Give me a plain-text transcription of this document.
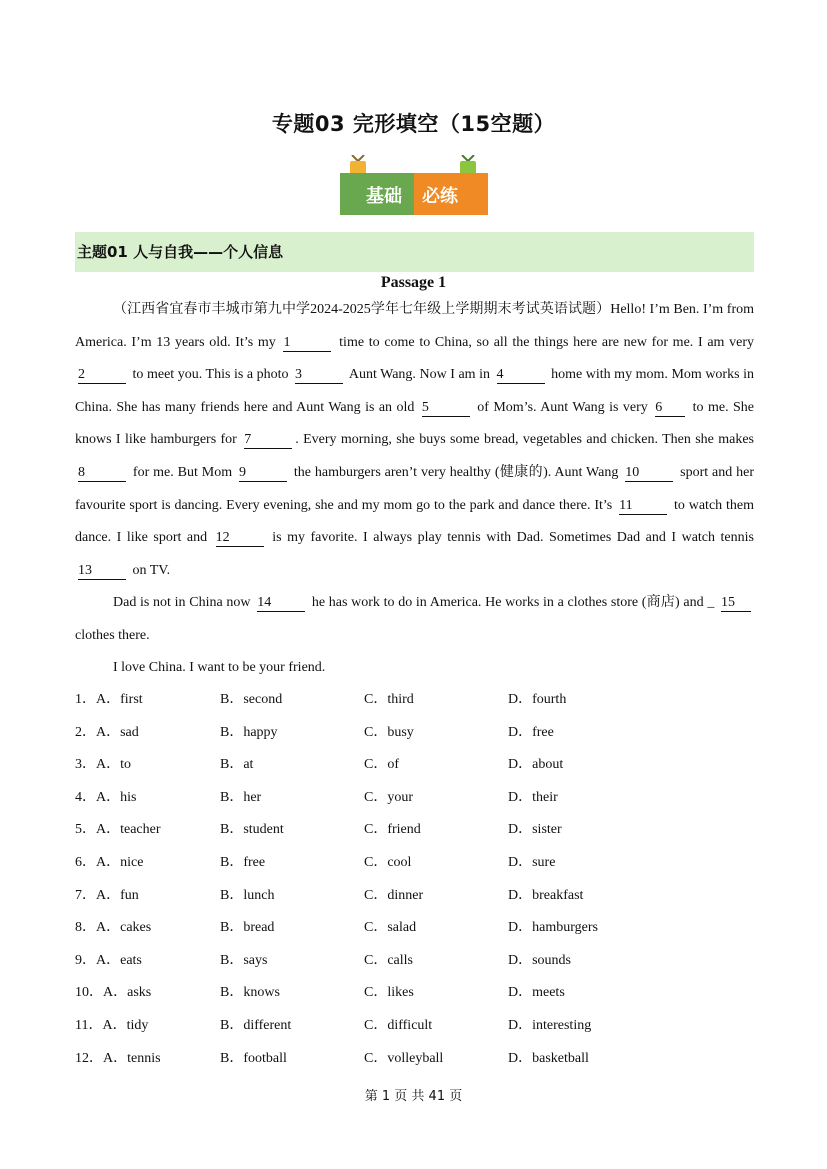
专题03 完形填空（15空题）
基础 必练
主题01 人与自我——个人信息
Passage 1
（江西省宜春市丰城市第九中学2024-2025学年七年级上学期期末考试英语试题）Hello! I’m Ben. I’m from America. I’m 13 years old. It’s my 1	time to come to China, so all the things here are new for me. I am very 2	to meet you. This is a photo 3	Aunt Wang. Now I am in 4	home with my mom. Mom works in China. She has many friends here and Aunt Wang is an old 5	of Mom’s. Aunt Wang is very 6 to me. She knows I like hamburgers for 7	. Every morning, she buys some bread, vegetables and chicken. Then she makes 8	for me. But Mom 9	the hamburgers aren’t very healthy (健康的). Aunt Wang 10	sport and her favourite sport is dancing. Every evening, she and my mom go to the park and dance there. It’s 11	to watch them dance. I like sport and 12	is my favorite. I always play tennis with Dad. Sometimes Dad and I watch tennis 13	on TV.
Dad is not in China now 14	he has work to do in America. He works in a clothes store (商店) and _ 15 clothes there.
I love China. I want to be your friend.
1．A．first	B．second	C．third	D．fourth
2．A．sad	B．happy	C．busy	D．free
3．A．to	B．at	C．of	D．about
4．A．his	B．her	C．your	D．their
5．A．teacher	B．student	C．friend	D．sister
6．A．nice	B．free	C．cool	D．sure
7．A．fun	B．lunch	C．dinner	D．breakfast
8．A．cakes	B．bread	C．salad	D．hamburgers
9．A．eats	B．says	C．calls	D．sounds
10．A．asks	B．knows	C．likes	D．meets
11．A．tidy	B．different	C．difficult	D．interesting
12．A．tennis	B．football	C．volleyball	D．basketball
第 1 页 共 41 页
